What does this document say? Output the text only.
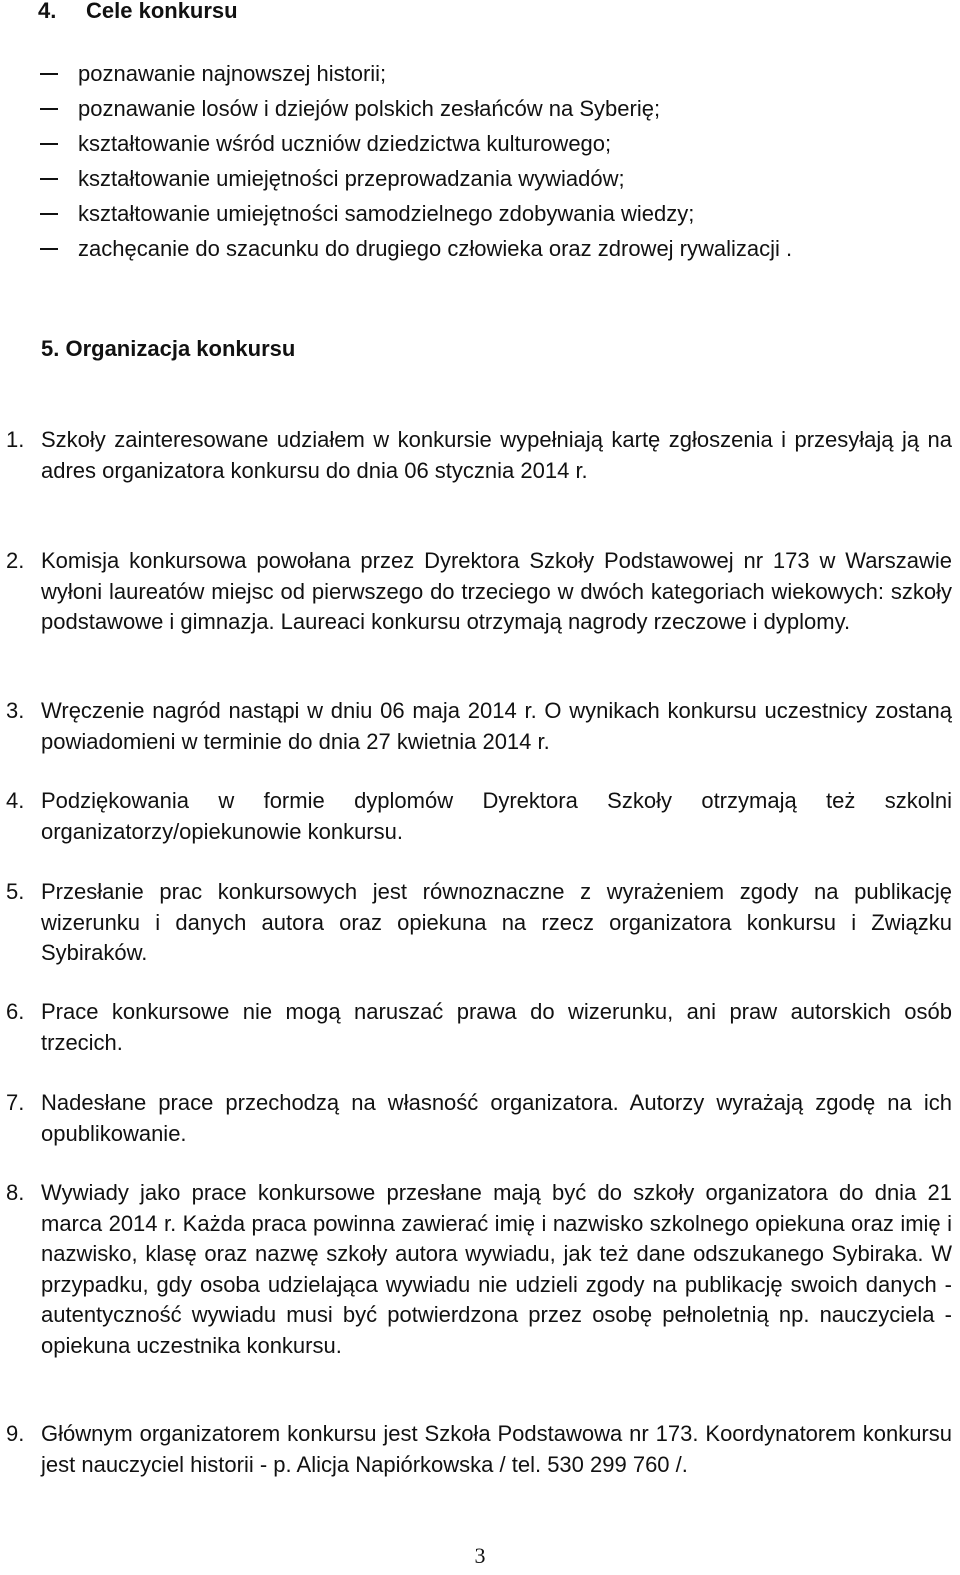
4. Cele konkursu
poznawanie najnowszej historii;
poznawanie losów i dziejów polskich zesłańców na Syberię;
kształtowanie wśród uczniów dziedzictwa kulturowego;
kształtowanie umiejętności przeprowadzania wywiadów;
kształtowanie umiejętności samodzielnego zdobywania wiedzy;
zachęcanie do szacunku do drugiego człowieka oraz zdrowej rywalizacji .
5. Organizacja konkursu
1. Szkoły zainteresowane udziałem w konkursie wypełniają kartę zgłoszenia i przesyłają ją na adres organizatora konkursu do dnia 06 stycznia 2014 r.
2. Komisja konkursowa powołana przez Dyrektora Szkoły Podstawowej nr 173 w Warszawie wyłoni laureatów miejsc od pierwszego do trzeciego w dwóch kategoriach wiekowych: szkoły podstawowe i gimnazja. Laureaci konkursu otrzymają nagrody rzeczowe i dyplomy.
3. Wręczenie nagród nastąpi w dniu 06 maja 2014 r. O wynikach konkursu uczestnicy zostaną powiadomieni w terminie do dnia 27 kwietnia 2014 r.
4. Podziękowania w formie dyplomów Dyrektora Szkoły otrzymają też szkolni organizatorzy/opiekunowie konkursu.
5. Przesłanie prac konkursowych jest równoznaczne z wyrażeniem zgody na publikację wizerunku i danych autora oraz opiekuna na rzecz organizatora konkursu i Związku Sybiraków.
6. Prace konkursowe nie mogą naruszać prawa do wizerunku, ani praw autorskich osób trzecich.
7. Nadesłane prace przechodzą na własność organizatora. Autorzy wyrażają zgodę na ich opublikowanie.
8. Wywiady jako prace konkursowe przesłane mają być do szkoły organizatora do dnia 21 marca 2014 r. Każda praca powinna zawierać imię i nazwisko szkolnego opiekuna oraz imię i nazwisko, klasę oraz nazwę szkoły autora wywiadu, jak też dane odszukanego Sybiraka. W przypadku, gdy osoba udzielająca wywiadu nie udzieli zgody na publikację swoich danych - autentyczność wywiadu musi być potwierdzona przez osobę pełnoletnią np. nauczyciela - opiekuna uczestnika konkursu.
9. Głównym organizatorem konkursu jest Szkoła Podstawowa nr 173. Koordynatorem konkursu jest nauczyciel historii - p. Alicja Napiórkowska / tel. 530 299 760 /.
3
